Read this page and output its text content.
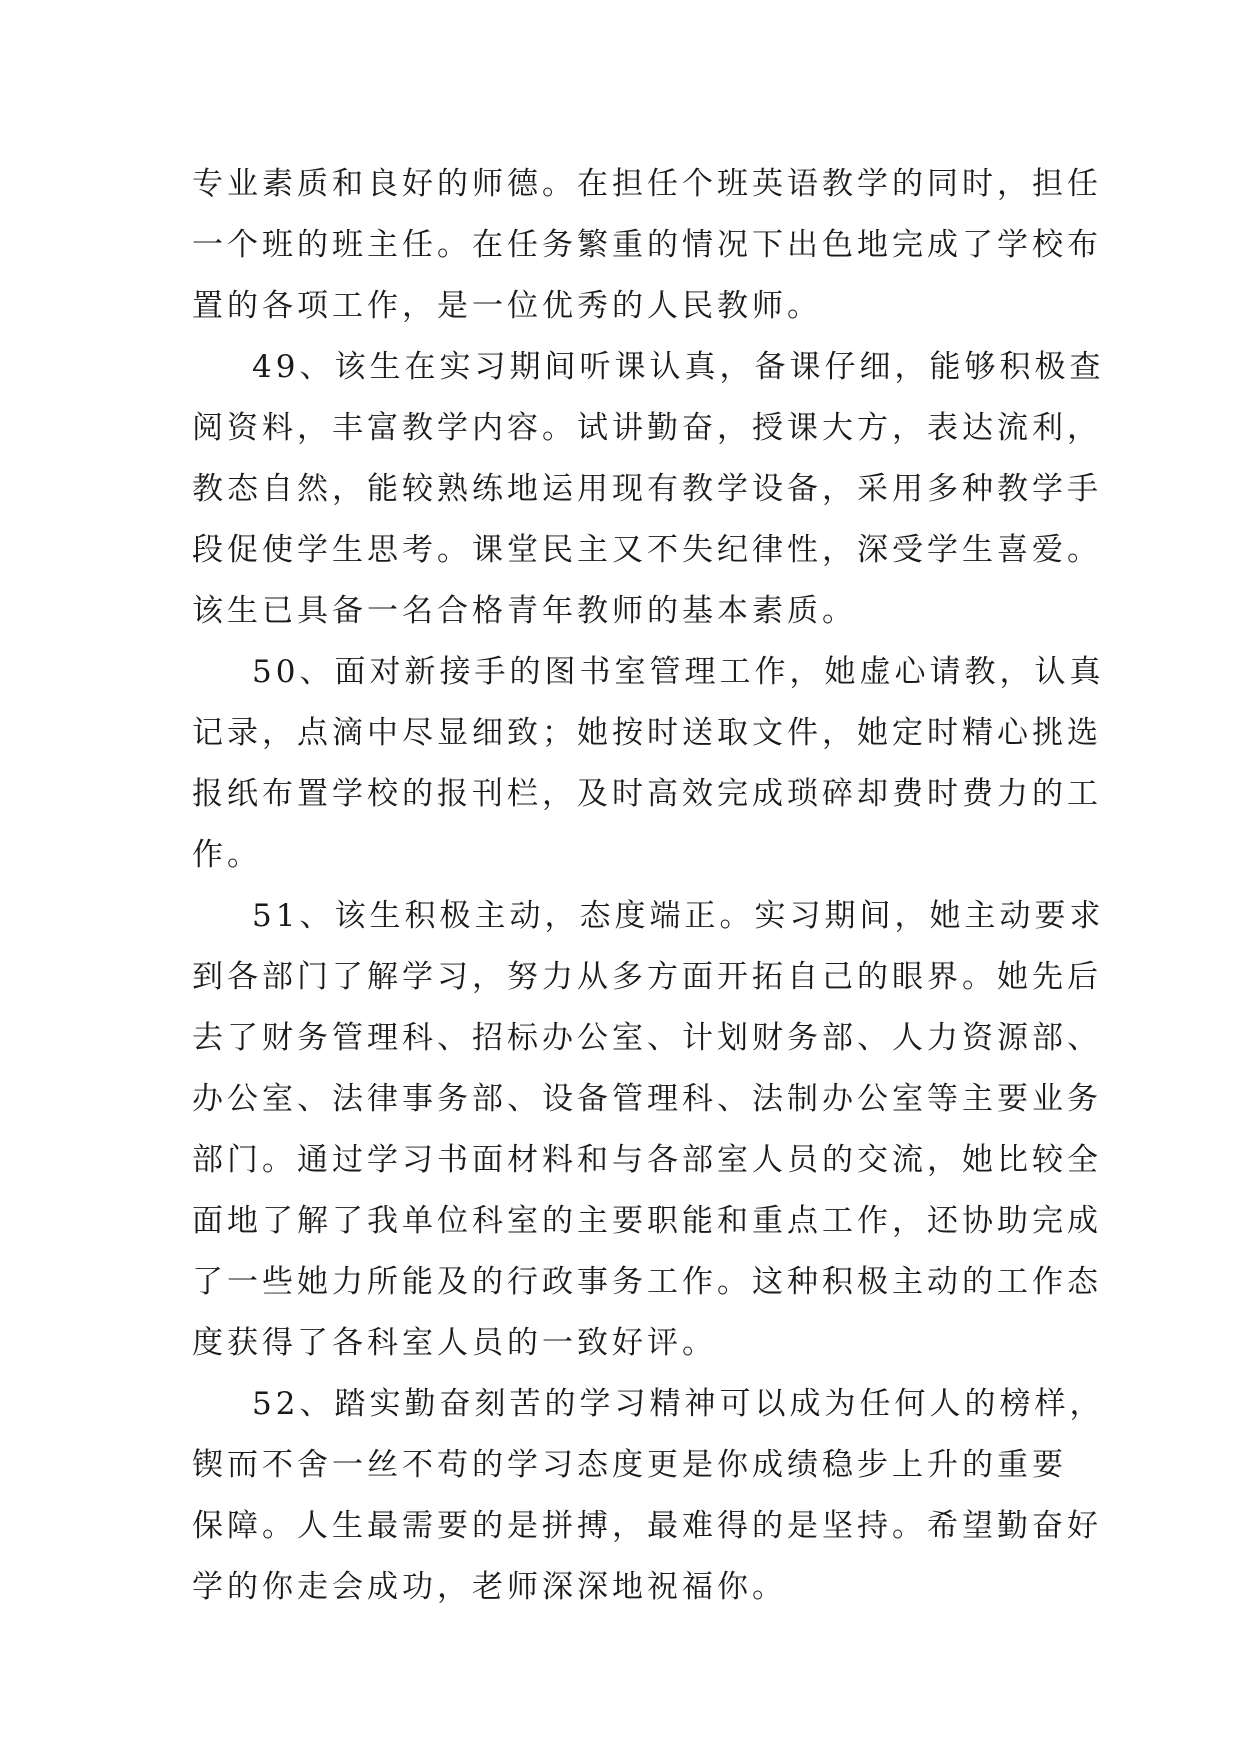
专业素质和良好的师德。在担任个班英语教学的同时，担任
一个班的班主任。在任务繁重的情况下出色地完成了学校布
置的各项工作，是一位优秀的人民教师。
49、该生在实习期间听课认真，备课仔细，能够积极查
阅资料，丰富教学内容。试讲勤奋，授课大方，表达流利，
教态自然，能较熟练地运用现有教学设备，采用多种教学手
段促使学生思考。课堂民主又不失纪律性，深受学生喜爱。
该生已具备一名合格青年教师的基本素质。
50、面对新接手的图书室管理工作，她虚心请教，认真
记录，点滴中尽显细致；她按时送取文件，她定时精心挑选
报纸布置学校的报刊栏，及时高效完成琐碎却费时费力的工
作。
51、该生积极主动，态度端正。实习期间，她主动要求
到各部门了解学习，努力从多方面开拓自己的眼界。她先后
去了财务管理科、招标办公室、计划财务部、人力资源部、
办公室、法律事务部、设备管理科、法制办公室等主要业务
部门。通过学习书面材料和与各部室人员的交流，她比较全
面地了解了我单位科室的主要职能和重点工作，还协助完成
了一些她力所能及的行政事务工作。这种积极主动的工作态
度获得了各科室人员的一致好评。
52、踏实勤奋刻苦的学习精神可以成为任何人的榜样，
锲而不舍一丝不苟的学习态度更是你成绩稳步上升的重要
保障。人生最需要的是拼搏，最难得的是坚持。希望勤奋好
学的你走会成功，老师深深地祝福你。
